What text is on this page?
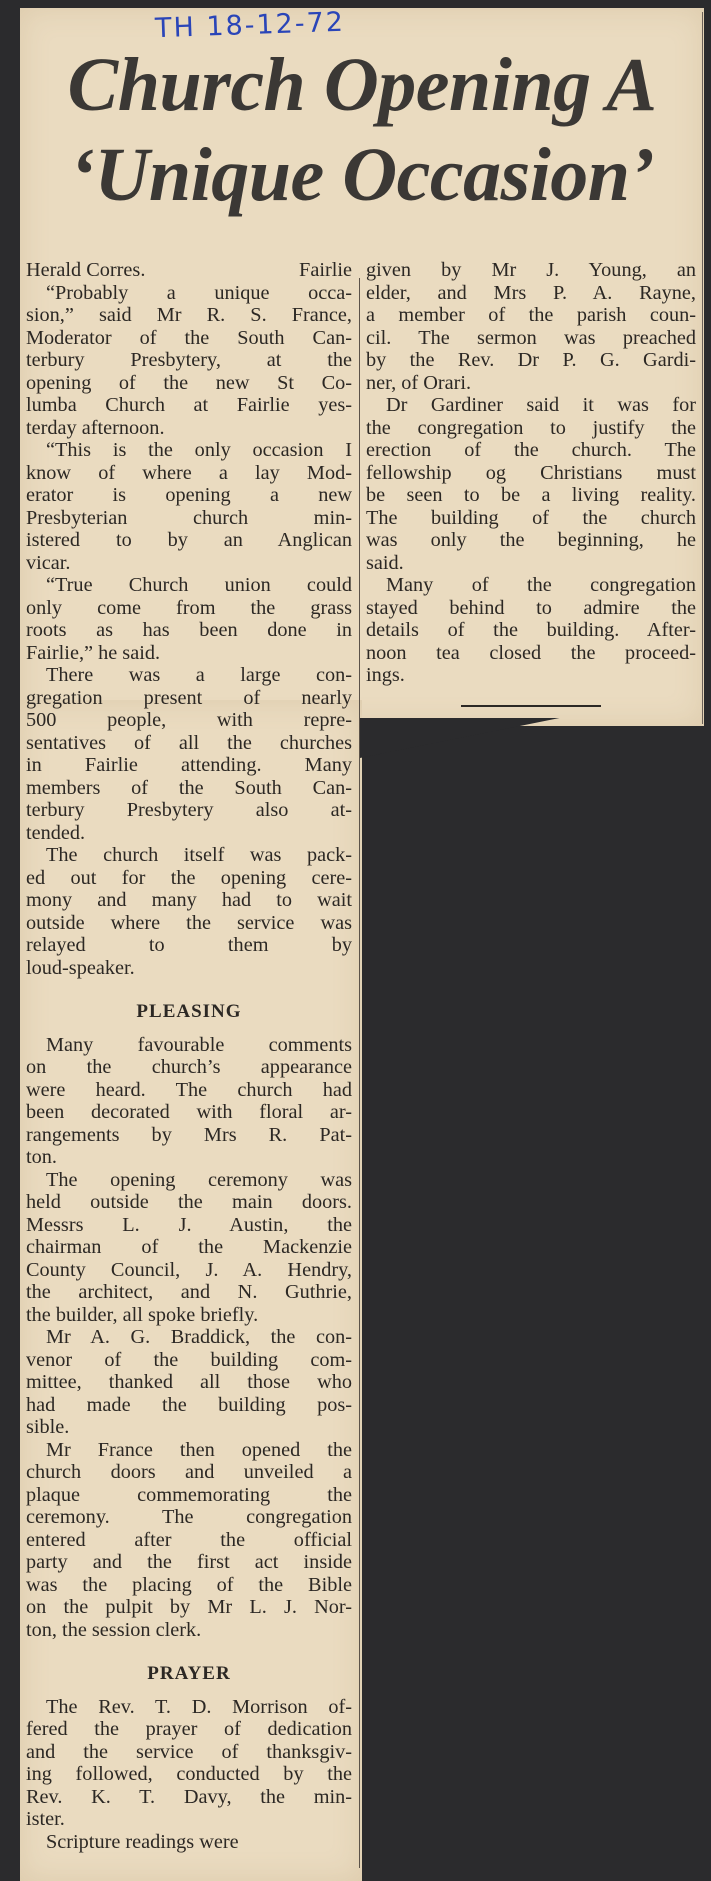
TH 18-12-72
Church Opening A
‘Unique Occasion’
Herald Corres.	Fairlie

“Probably a unique occa-
sion,” said Mr R. S. France,
Moderator of the South Can-
terbury Presbytery, at the
opening of the new St Co-
lumba Church at Fairlie yes-
terday afternoon.

“This is the only occasion I
know of where a lay Mod-
erator is opening a new
Presbyterian church min-
istered to by an Anglican
vicar.

“True Church union could
only come from the grass
roots as has been done in
Fairlie,” he said.

There was a large con-
gregation present of nearly
500 people, with repre-
sentatives of all the churches
in Fairlie attending. Many
members of the South Can-
terbury Presbytery also at-
tended.

The church itself was pack-
ed out for the opening cere-
mony and many had to wait
outside where the service was
relayed to them by
loud-speaker.

PLEASING

Many favourable comments
on the church’s appearance
were heard. The church had
been decorated with floral ar-
rangements by Mrs R. Pat-
ton.

The opening ceremony was
held outside the main doors.
Messrs L. J. Austin, the
chairman of the Mackenzie
County Council, J. A. Hendry,
the architect, and N. Guthrie,
the builder, all spoke briefly.

Mr A. G. Braddick, the con-
venor of the building com-
mittee, thanked all those who
had made the building pos-
sible.

Mr France then opened the
church doors and unveiled a
plaque commemorating the
ceremony. The congregation
entered after the official
party and the first act inside
was the placing of the Bible
on the pulpit by Mr L. J. Nor-
ton, the session clerk.

PRAYER

The Rev. T. D. Morrison of-
fered the prayer of dedication
and the service of thanksgiv-
ing followed, conducted by the
Rev. K. T. Davy, the min-
ister.

Scripture readings were

given by Mr J. Young, an
elder, and Mrs P. A. Rayne,
a member of the parish coun-
cil. The sermon was preached
by the Rev. Dr P. G. Gardi-
ner, of Orari.

Dr Gardiner said it was for
the congregation to justify the
erection of the church. The
fellowship og Christians must
be seen to be a living reality.
The building of the church
was only the beginning, he
said.

Many of the congregation
stayed behind to admire the
details of the building. After-
noon tea closed the proceed-
ings.
